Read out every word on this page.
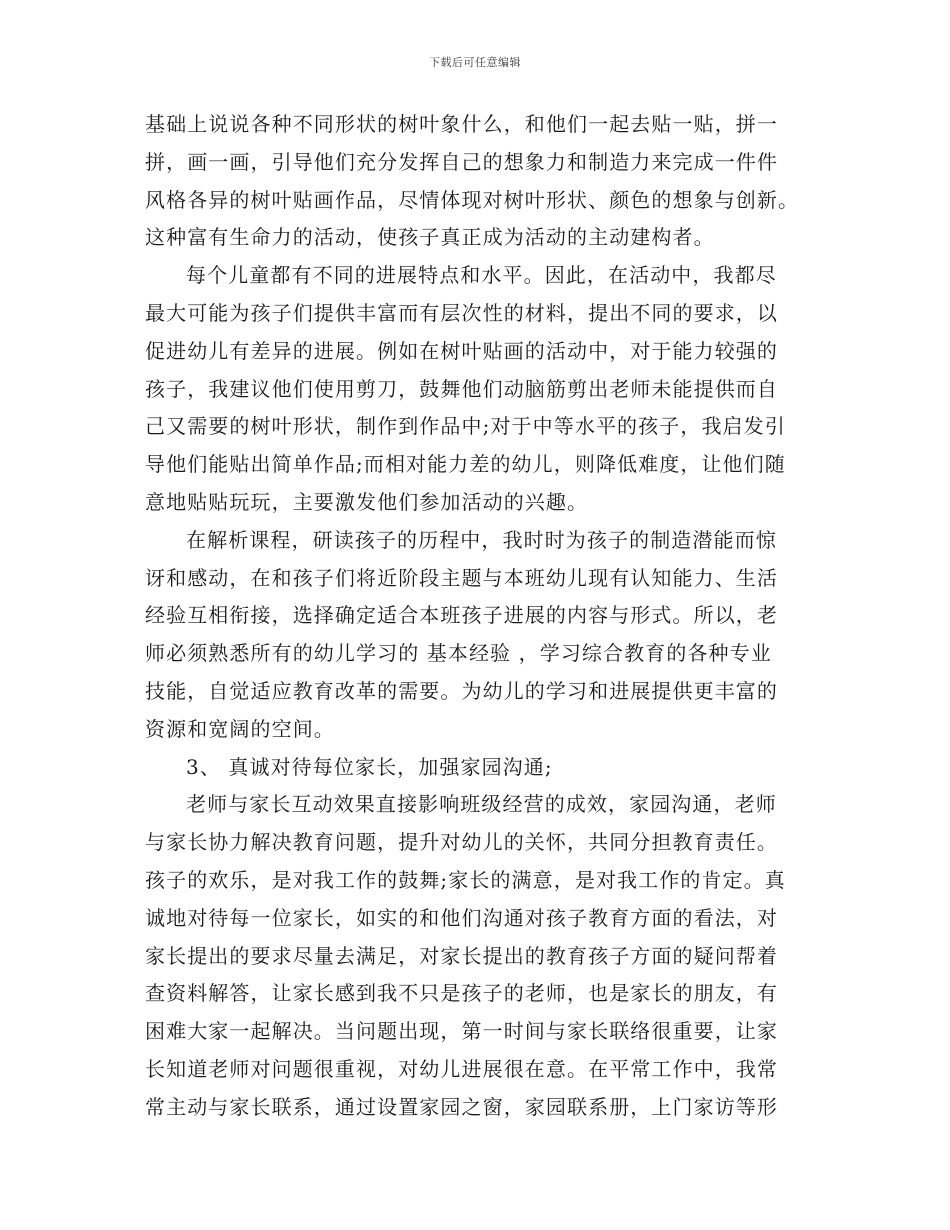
下载后可任意编辑
基础上说说各种不同形状的树叶象什么，和他们一起去贴一贴，拼一
拼，画一画，引导他们充分发挥自己的想象力和制造力来完成一件件
风格各异的树叶贴画作品，尽情体现对树叶形状、颜色的想象与创新。
这种富有生命力的活动，使孩子真正成为活动的主动建构者。
每个儿童都有不同的进展特点和水平。因此，在活动中，我都尽
最大可能为孩子们提供丰富而有层次性的材料，提出不同的要求，以
促进幼儿有差异的进展。例如在树叶贴画的活动中，对于能力较强的
孩子，我建议他们使用剪刀，鼓舞他们动脑筋剪出老师未能提供而自
己又需要的树叶形状，制作到作品中;对于中等水平的孩子，我启发引
导他们能贴出简单作品;而相对能力差的幼儿，则降低难度，让他们随
意地贴贴玩玩，主要激发他们参加活动的兴趣。
在解析课程，研读孩子的历程中，我时时为孩子的制造潜能而惊
讶和感动，在和孩子们将近阶段主题与本班幼儿现有认知能力、生活
经验互相衔接，选择确定适合本班孩子进展的内容与形式。所以，老
师必须熟悉所有的幼儿学习的 基本经验 ，学习综合教育的各种专业
技能，自觉适应教育改革的需要。为幼儿的学习和进展提供更丰富的
资源和宽阔的空间。
3、 真诚对待每位家长，加强家园沟通;
老师与家长互动效果直接影响班级经营的成效，家园沟通，老师
与家长协力解决教育问题，提升对幼儿的关怀，共同分担教育责任。
孩子的欢乐，是对我工作的鼓舞;家长的满意，是对我工作的肯定。真
诚地对待每一位家长，如实的和他们沟通对孩子教育方面的看法，对
家长提出的要求尽量去满足，对家长提出的教育孩子方面的疑问帮着
查资料解答，让家长感到我不只是孩子的老师，也是家长的朋友，有
困难大家一起解决。当问题出现，第一时间与家长联络很重要，让家
长知道老师对问题很重视，对幼儿进展很在意。在平常工作中，我常
常主动与家长联系，通过设置家园之窗，家园联系册，上门家访等形
